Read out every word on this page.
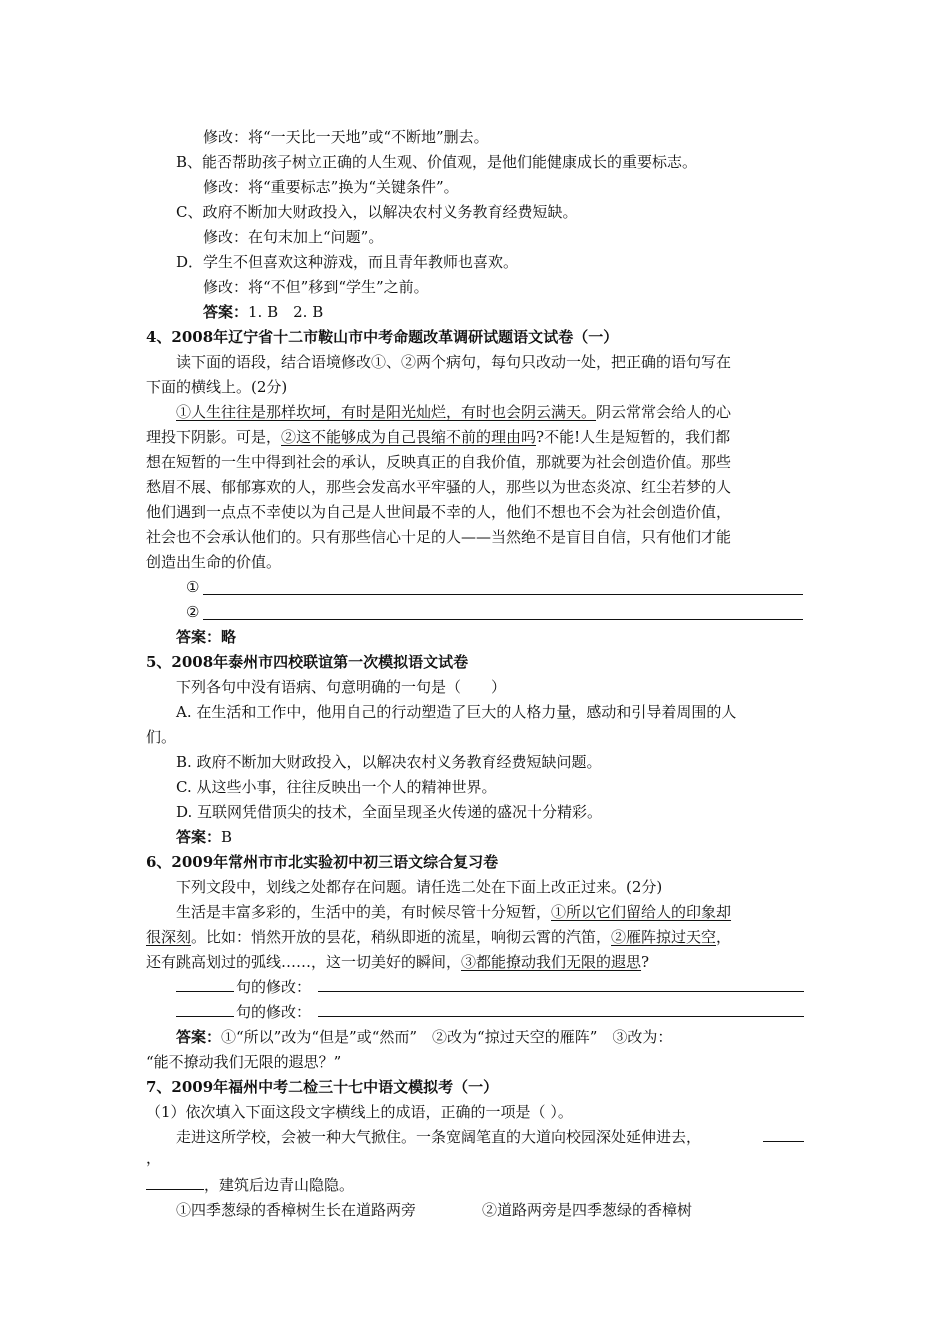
修改：将“一天比一天地”或“不断地”删去。
B、能否帮助孩子树立正确的人生观、价值观，是他们能健康成长的重要标志。
修改：将“重要标志”换为“关键条件”。
C、政府不断加大财政投入，以解决农村义务教育经费短缺。
修改：在句末加上“问题”。
D．学生不但喜欢这种游戏，而且青年教师也喜欢。
修改：将“不但”移到“学生”之前。
答案：1. B　2. B
4、2008年辽宁省十二市鞍山市中考命题改革调研试题语文试卷（一）
读下面的语段，结合语境修改①、②两个病句，每句只改动一处，把正确的语句写在
下面的横线上。(2分)
①人生往往是那样坎坷，有时是阳光灿烂，有时也会阴云满天。阴云常常会给人的心
理投下阴影。可是，②这不能够成为自己畏缩不前的理由吗?不能!人生是短暂的，我们都
想在短暂的一生中得到社会的承认，反映真正的自我价值，那就要为社会创造价值。那些
愁眉不展、郁郁寡欢的人，那些会发高水平牢骚的人，那些以为世态炎凉、红尘若梦的人
他们遇到一点点不幸使以为自己是人世间最不幸的人，他们不想也不会为社会创造价值，
社会也不会承认他们的。只有那些信心十足的人——当然绝不是盲目自信，只有他们才能
创造出生命的价值。
①
②
答案：略
5、2008年泰州市四校联谊第一次模拟语文试卷
下列各句中没有语病、句意明确的一句是（　　）
A. 在生活和工作中，他用自己的行动塑造了巨大的人格力量，感动和引导着周围的人
们。
B. 政府不断加大财政投入，以解决农村义务教育经费短缺问题。
C. 从这些小事，往往反映出一个人的精神世界。
D. 互联网凭借顶尖的技术，全面呈现圣火传递的盛况十分精彩。
答案：B
6、2009年常州市市北实验初中初三语文综合复习卷
下列文段中，划线之处都存在问题。请任选二处在下面上改正过来。(2分)
生活是丰富多彩的，生活中的美，有时候尽管十分短暂，①所以它们留给人的印象却
很深刻。比如：悄然开放的昙花，稍纵即逝的流星，响彻云霄的汽笛，②雁阵掠过天空，
还有跳高划过的弧线……，这一切美好的瞬间，③都能撩动我们无限的遐思?
句的修改：
句的修改：
答案：①“所以”改为“但是”或“然而”　②改为“掠过天空的雁阵”　③改为：
“能不撩动我们无限的遐思？”
7、2009年福州中考二检三十七中语文模拟考（一）
（1）依次填入下面这段文字横线上的成语，正确的一项是（ ）。
走进这所学校，会被一种大气掀住。一条宽阔笔直的大道向校园深处延伸进去，
，
，建筑后边青山隐隐。
①四季葱绿的香樟树生长在道路两旁	②道路两旁是四季葱绿的香樟树
